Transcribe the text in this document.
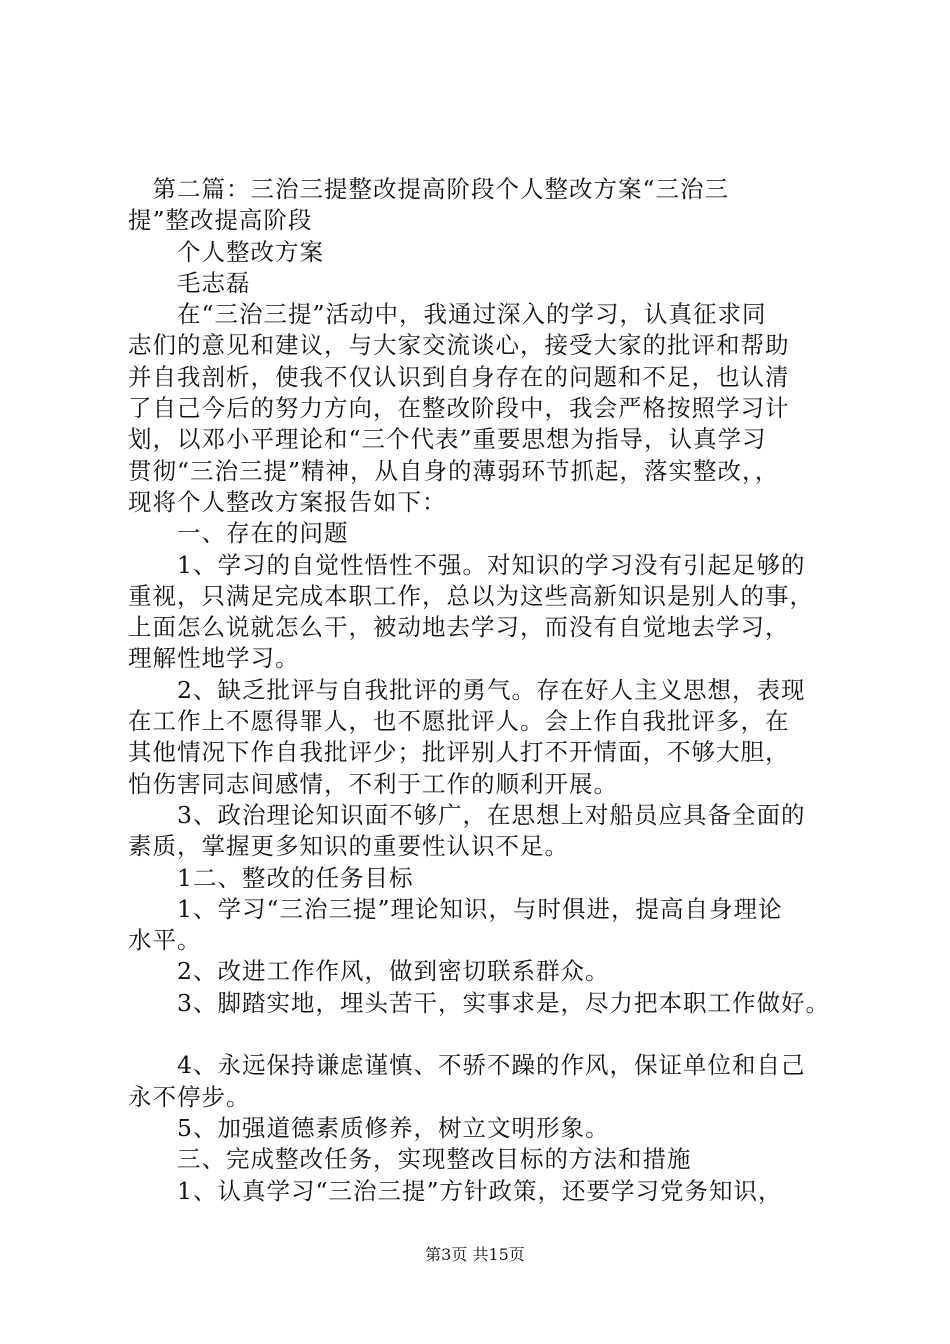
　第二篇：三治三提整改提高阶段个人整改方案“三治三
提”整改提高阶段
　　个人整改方案
　　毛志磊
　　在“三治三提”活动中，我通过深入的学习，认真征求同
志们的意见和建议，与大家交流谈心，接受大家的批评和帮助
并自我剖析，使我不仅认识到自身存在的问题和不足，也认清
了自己今后的努力方向，在整改阶段中，我会严格按照学习计
划，以邓小平理论和“三个代表”重要思想为指导，认真学习
贯彻“三治三提”精神，从自身的薄弱环节抓起，落实整改，，
现将个人整改方案报告如下：
　　一、存在的问题
　　1、学习的自觉性悟性不强。对知识的学习没有引起足够的
重视，只满足完成本职工作，总以为这些高新知识是别人的事，
上面怎么说就怎么干，被动地去学习，而没有自觉地去学习，
理解性地学习。
　　2、缺乏批评与自我批评的勇气。存在好人主义思想，表现
在工作上不愿得罪人，也不愿批评人。会上作自我批评多，在
其他情况下作自我批评少；批评别人打不开情面，不够大胆，
怕伤害同志间感情，不利于工作的顺利开展。
　　3、政治理论知识面不够广，在思想上对船员应具备全面的
素质，掌握更多知识的重要性认识不足。
　　1二、整改的任务目标
　　1、学习“三治三提”理论知识，与时俱进，提高自身理论
水平。
　　2、改进工作作风，做到密切联系群众。
　　3、脚踏实地，埋头苦干，实事求是，尽力把本职工作做好。
　　4、永远保持谦虑谨慎、不骄不躁的作风，保证单位和自己
永不停步。
　　5、加强道德素质修养，树立文明形象。
　　三、完成整改任务，实现整改目标的方法和措施
　　1、认真学习“三治三提”方针政策，还要学习党务知识，
第3页 共15页
